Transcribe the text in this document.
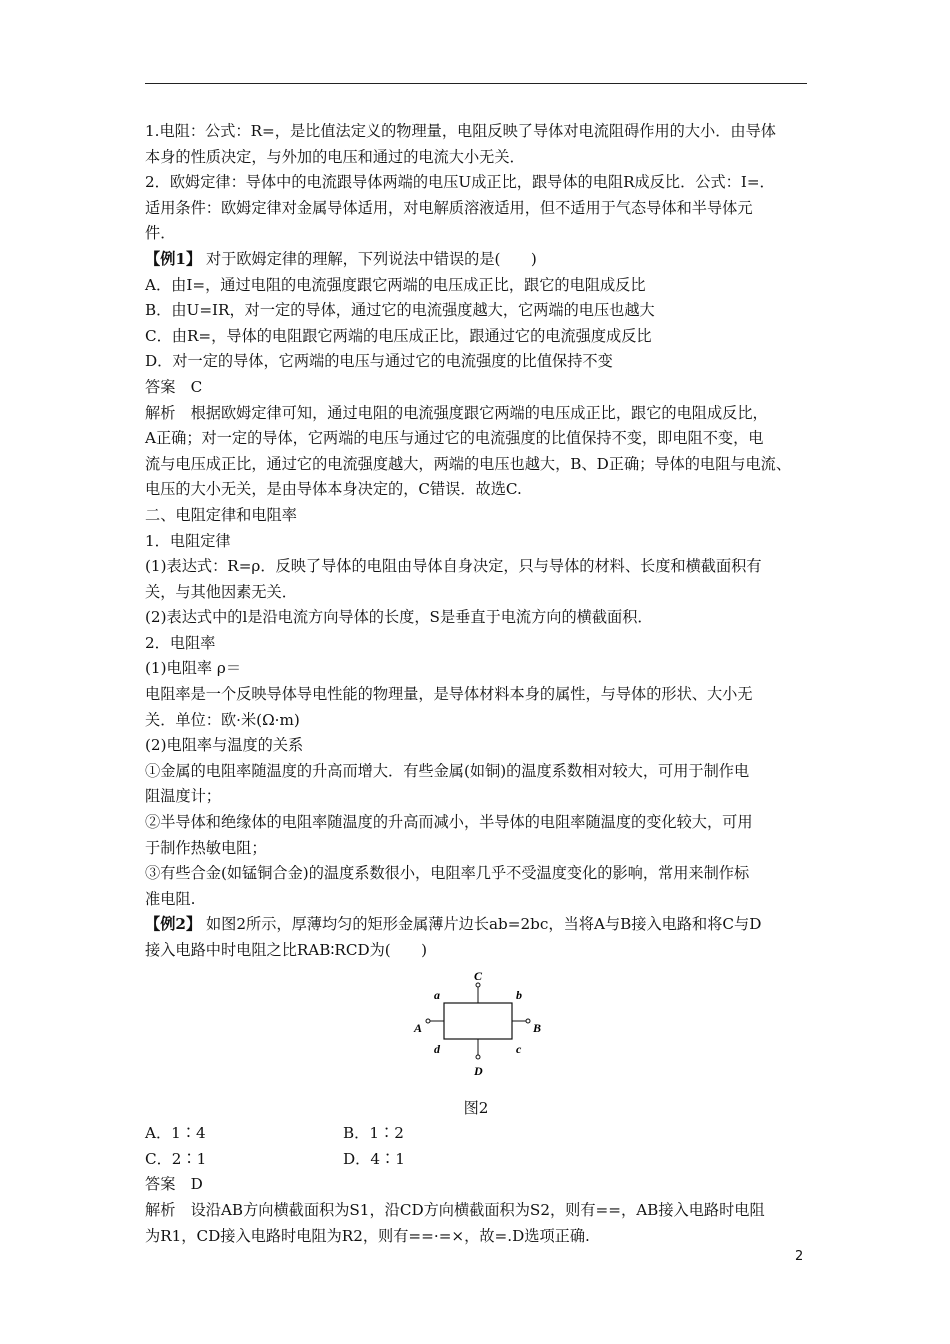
1.电阻：公式：R=，是比值法定义的物理量，电阻反映了导体对电流阻碍作用的大小．由导体

本身的性质决定，与外加的电压和通过的电流大小无关．

2．欧姆定律：导体中的电流跟导体两端的电压U成正比，跟导体的电阻R成反比．公式：I=．

适用条件：欧姆定律对金属导体适用，对电解质溶液适用，但不适用于气态导体和半导体元

件．

【例1】 对于欧姆定律的理解，下列说法中错误的是(　　)

A．由I=，通过电阻的电流强度跟它两端的电压成正比，跟它的电阻成反比

B．由U=IR，对一定的导体，通过它的电流强度越大，它两端的电压也越大

C．由R=，导体的电阻跟它两端的电压成正比，跟通过它的电流强度成反比

D．对一定的导体，它两端的电压与通过它的电流强度的比值保持不变

答案　C

解析　根据欧姆定律可知，通过电阻的电流强度跟它两端的电压成正比，跟它的电阻成反比，

A正确；对一定的导体，它两端的电压与通过它的电流强度的比值保持不变，即电阻不变，电

流与电压成正比，通过它的电流强度越大，两端的电压也越大，B、D正确；导体的电阻与电流、

电压的大小无关，是由导体本身决定的，C错误．故选C.

二、电阻定律和电阻率

1．电阻定律

(1)表达式：R=ρ．反映了导体的电阻由导体自身决定，只与导体的材料、长度和横截面积有

关，与其他因素无关．

(2)表达式中的l是沿电流方向导体的长度，S是垂直于电流方向的横截面积．

2．电阻率

(1)电阻率 ρ＝

电阻率是一个反映导体导电性能的物理量，是导体材料本身的属性，与导体的形状、大小无

关．单位：欧·米(Ω·m)

(2)电阻率与温度的关系

①金属的电阻率随温度的升高而增大．有些金属(如铜)的温度系数相对较大，可用于制作电

阻温度计；

②半导体和绝缘体的电阻率随温度的升高而减小，半导体的电阻率随温度的变化较大，可用

于制作热敏电阻；

③有些合金(如锰铜合金)的温度系数很小，电阻率几乎不受温度变化的影响，常用来制作标

准电阻.

【例2】 如图2所示，厚薄均匀的矩形金属薄片边长ab=2bc，当将A与B接入电路和将C与D

接入电路中时电阻之比RAB∶RCD为(　　)

C
D
A	B
a	b
c
d

图2

A．1∶4	B．1∶2

C．2∶1	D．4∶1

答案　D

解析　设沿AB方向横截面积为S1，沿CD方向横截面积为S2，则有==，AB接入电路时电阻

为R1，CD接入电路时电阻为R2，则有==·=×，故=.D选项正确.

2
